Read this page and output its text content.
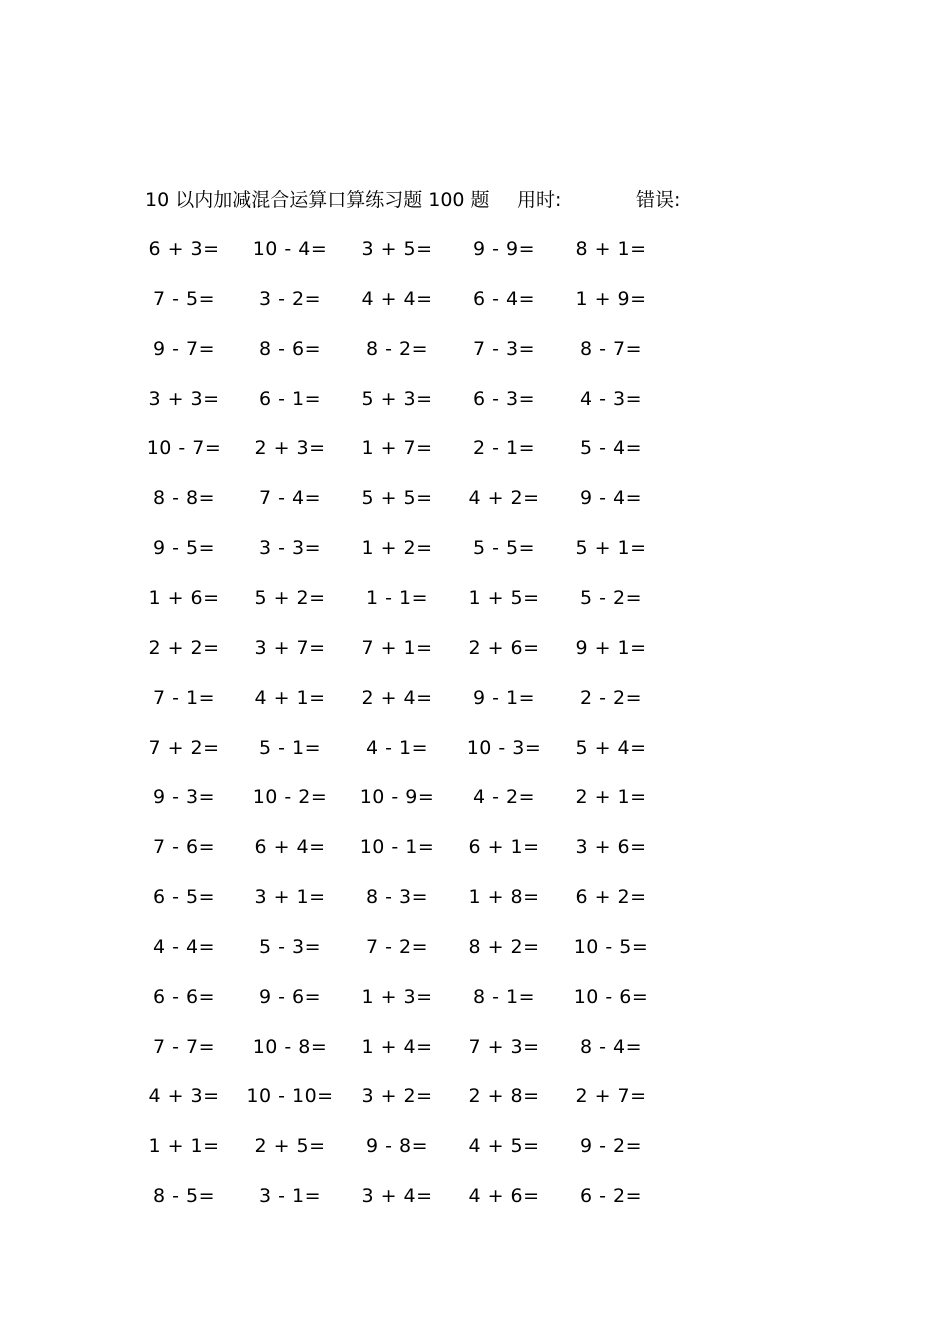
10 以内加减混合运算口算练习题 100 题 用时:	错误:
6 + 3= 10 - 4= 3 + 5= 9 - 9= 8 + 1=
7 - 5= 3 - 2= 4 + 4= 6 - 4= 1 + 9=
9 - 7= 8 - 6= 8 - 2= 7 - 3= 8 - 7=
3 + 3= 6 - 1= 5 + 3= 6 - 3= 4 - 3=
10 - 7= 2 + 3= 1 + 7= 2 - 1= 5 - 4=
8 - 8= 7 - 4= 5 + 5= 4 + 2= 9 - 4=
9 - 5= 3 - 3= 1 + 2= 5 - 5= 5 + 1=
1 + 6= 5 + 2= 1 - 1= 1 + 5= 5 - 2=
2 + 2= 3 + 7= 7 + 1= 2 + 6= 9 + 1=
7 - 1= 4 + 1= 2 + 4= 9 - 1= 2 - 2=
7 + 2= 5 - 1= 4 - 1= 10 - 3= 5 + 4=
9 - 3= 10 - 2= 10 - 9= 4 - 2= 2 + 1=
7 - 6= 6 + 4= 10 - 1= 6 + 1= 3 + 6=
6 - 5= 3 + 1= 8 - 3= 1 + 8= 6 + 2=
4 - 4= 5 - 3= 7 - 2= 8 + 2= 10 - 5=
6 - 6= 9 - 6= 1 + 3= 8 - 1= 10 - 6=
7 - 7= 10 - 8= 1 + 4= 7 + 3= 8 - 4=
4 + 3= 10 - 10= 3 + 2= 2 + 8= 2 + 7=
1 + 1= 2 + 5= 9 - 8= 4 + 5= 9 - 2=
8 - 5= 3 - 1= 3 + 4= 4 + 6= 6 - 2=
